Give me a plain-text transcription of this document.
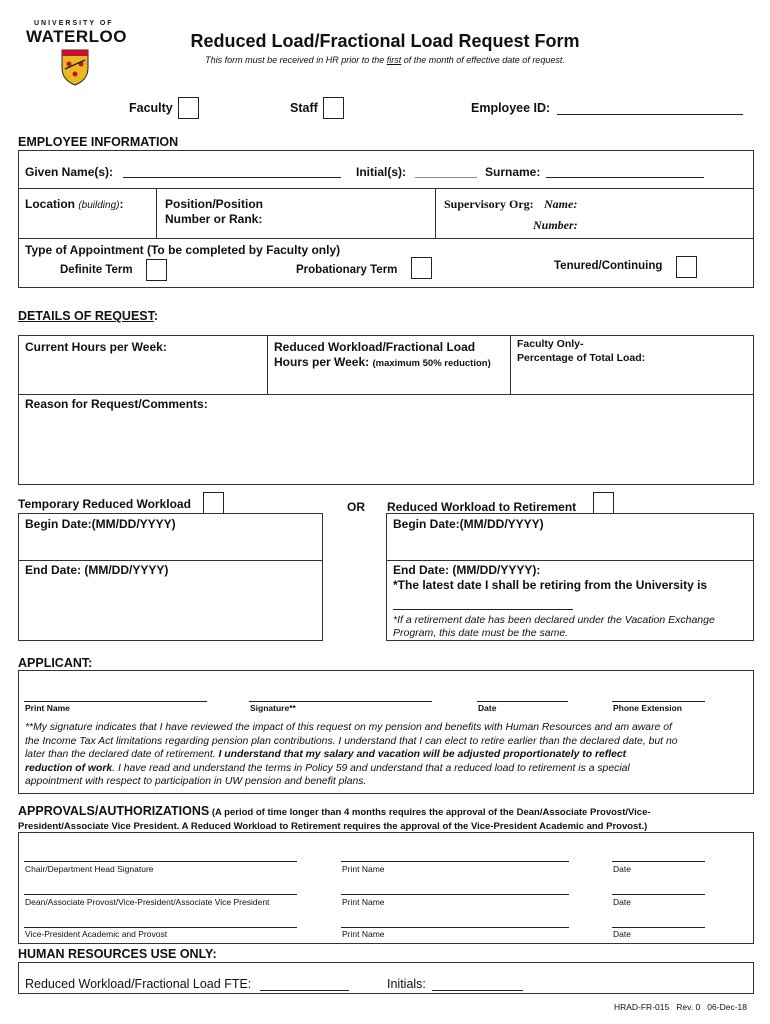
UNIVERSITY OF
WATERLOO	Reduced Load/Fractional Load Request Form
This form must be received in HR prior to the first of the month of effective date of request.
Faculty	Staff	Employee ID:
EMPLOYEE INFORMATION
Given Name(s):	Initial(s):	Surname:
Location (building):	Position/Position
Number or Rank:
Supervisory Org: Name:
Number:
Type of Appointment (To be completed by Faculty only)
Definite Term	Probationary Term	Tenured/Continuing
DETAILS OF REQUEST:
Current Hours per Week:	Reduced Workload/Fractional Load
Hours per Week: (maximum 50% reduction)
Faculty Only-
Percentage of Total Load:
Reason for Request/Comments:
Temporary Reduced Workload	OR Reduced Workload to Retirement
Begin Date:(MM/DD/YYYY)
End Date: (MM/DD/YYYY)
Begin Date:(MM/DD/YYYY)
End Date: (MM/DD/YYYY):
*The latest date I shall be retiring from the University is
*If a retirement date has been declared under the Vacation Exchange
Program, this date must be the same.
APPLICANT:
Print Name	Signature**	Date	Phone Extension
**My signature indicates that I have reviewed the impact of this request on my pension and benefits with Human Resources and am aware of
the Income Tax Act limitations regarding pension plan contributions. I understand that I can elect to retire earlier than the declared date, but no
later than the declared date of retirement. I understand that my salary and vacation will be adjusted proportionately to reflect
reduction of work. I have read and understand the terms in Policy 59 and understand that a reduced load to retirement is a special
appointment with respect to participation in UW pension and benefit plans.
APPROVALS/AUTHORIZATIONS (A period of time longer than 4 months requires the approval of the Dean/Associate Provost/Vice-
President/Associate Vice President. A Reduced Workload to Retirement requires the approval of the Vice-President Academic and Provost.)
Chair/Department Head Signature	Print Name	Date
Dean/Associate Provost/Vice-President/Associate Vice President	Print Name	Date
Vice-President Academic and Provost	Print Name	Date
HUMAN RESOURCES USE ONLY:
Reduced Workload/Fractional Load FTE:	Initials:
HRAD-FR-015   Rev. 0   06-Dec-18
